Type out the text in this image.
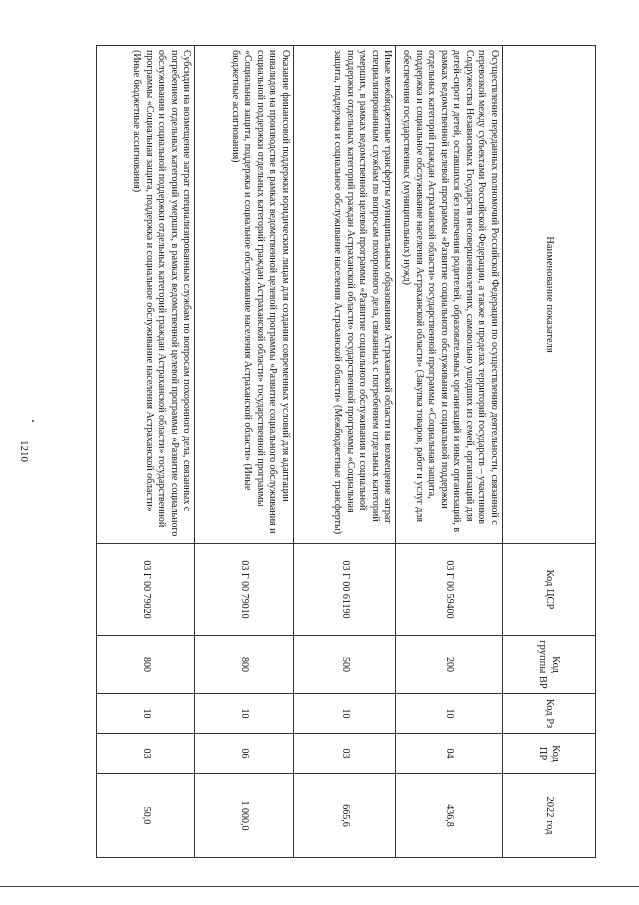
1210
Наименование показателя	Код ЦСР	Код группы ВР	Код Рз	Код ПР	2022 год
Осуществление переданных полномочий Российской Федерации по осуществлению деятельности, связанной с перевозкой между субъектами Российской Федерации, а также в пределах территорий государств – участников Содружества Независимых Государств несовершеннолетних, самовольно ушедших из семей, организаций для детей-сирот и детей, оставшихся без попечения родителей, образовательных организаций и иных организаций, в рамках ведомственной целевой программы «Развитие социального обслуживания и социальной поддержки отдельных категорий граждан Астраханской области» государственной программы «Социальная защита, поддержка и социальное обслуживание населения Астраханской области» (Закупка товаров, работ и услуг для обеспечения государственных (муниципальных) нужд)	03 Г 00 59400	200	10	04	436,8
Иные межбюджетные трансферты муниципальным образованиям Астраханской области на возмещение затрат специализированным службам по вопросам похоронного дела, связанных с погребением отдельных категорий умерших, в рамках ведомственной целевой программы «Развитие социального обслуживания и социальной поддержки отдельных категорий граждан Астраханской области» государственной программы «Социальная защита, поддержка и социальное обслуживание населения Астраханской области» (Межбюджетные трансферты)	03 Г 00 61190	500	10	03	665,6
Оказание финансовой поддержки юридическим лицам для создания современных условий для адаптации инвалидов на производстве в рамках ведомственной целевой программы «Развитие социального обслуживания и социальной поддержки отдельных категорий граждан Астраханской области» государственной программы «Социальная защита, поддержка и социальное обслуживание населения Астраханской области» (Иные бюджетные ассигнования)	03 Г 00 79010	800	10	06	1 000,0
Субсидии на возмещение затрат специализированным службам по вопросам похоронного дела, связанных с погребением отдельных категорий умерших, в рамках ведомственной целевой программы «Развитие социального обслуживания и социальной поддержки отдельных категорий граждан Астраханской области» государственной программы «Социальная защита, поддержка и социальное обслуживание населения Астраханской области» (Иные бюджетные ассигнования)	03 Г 00 79020	800	10	03	50,0
